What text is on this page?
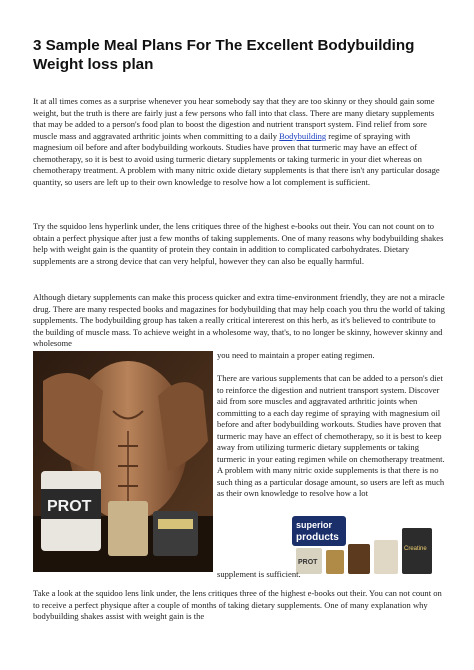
3 Sample Meal Plans For The Excellent Bodybuilding Weight loss plan

It at all times comes as a surprise whenever you hear somebody say that they are too skinny or they should gain some weight, but the truth is there are fairly just a few persons who fall into that class. There are many dietary supplements that may be added to a person's food plan to boost the digestion and nutrient transport system. Find relief from sore muscle mass and aggravated arthritic joints when committing to a daily Bodybuilding regime of spraying with magnesium oil before and after bodybuilding workouts. Studies have proven that turmeric may have an effect of chemotherapy, so it is best to avoid using turmeric dietary supplements or taking turmeric in your diet whereas on chemotherapy treatment. A problem with many nitric oxide dietary supplements is that there isn't any particular dosage quantity, so users are left up to their own knowledge to resolve how a lot complement is sufficient.

Try the squidoo lens hyperlink under, the lens critiques three of the highest e-books out their. You can not count on to obtain a perfect physique after just a few months of taking supplements. One of many reasons why bodybuilding shakes help with weight gain is the quantity of protein they contain in addition to complicated carbohydrates. Dietary supplements are a strong device that can very helpful, however they can also be equally harmful.

Although dietary supplements can make this process quicker and extra time-environment friendly, they are not a miracle drug. There are many respected books and magazines for bodybuilding that may help coach you thru the world of taking supplements. The bodybuilding group has taken a really critical intererest on this herb, as it's believed to contribute to the building of muscle mass. To achieve weight in a wholesome way, that's, to no longer be skinny, however skinny and wholesome

you need to maintain a proper eating regimen.

PROT

There are various supplements that can be added to a person's diet to reinforce the digestion and nutrient transport system. Discover aid from sore muscles and aggravated arthritic joints when committing to a each day regime of spraying with magnesium oil before and after bodybuilding workouts. Studies have proven that turmeric may have an effect of chemotherapy, so it is best to keep away from utilizing turmeric dietary supplements or taking turmeric in your eating regimen while on chemotherapy treatment. A problem with many nitric oxide supplements is that there is no such thing as a particular dosage amount, so users are left as much as their own knowledge to resolve how a lot

superior
products
PROT
Creatine

supplement is sufficient.

Take a look at the squidoo lens link under, the lens critiques three of the highest e-books out their. You can not count on to receive a perfect physique after a couple of months of taking dietary supplements. One of many explanation why bodybuilding shakes assist with weight gain is the
